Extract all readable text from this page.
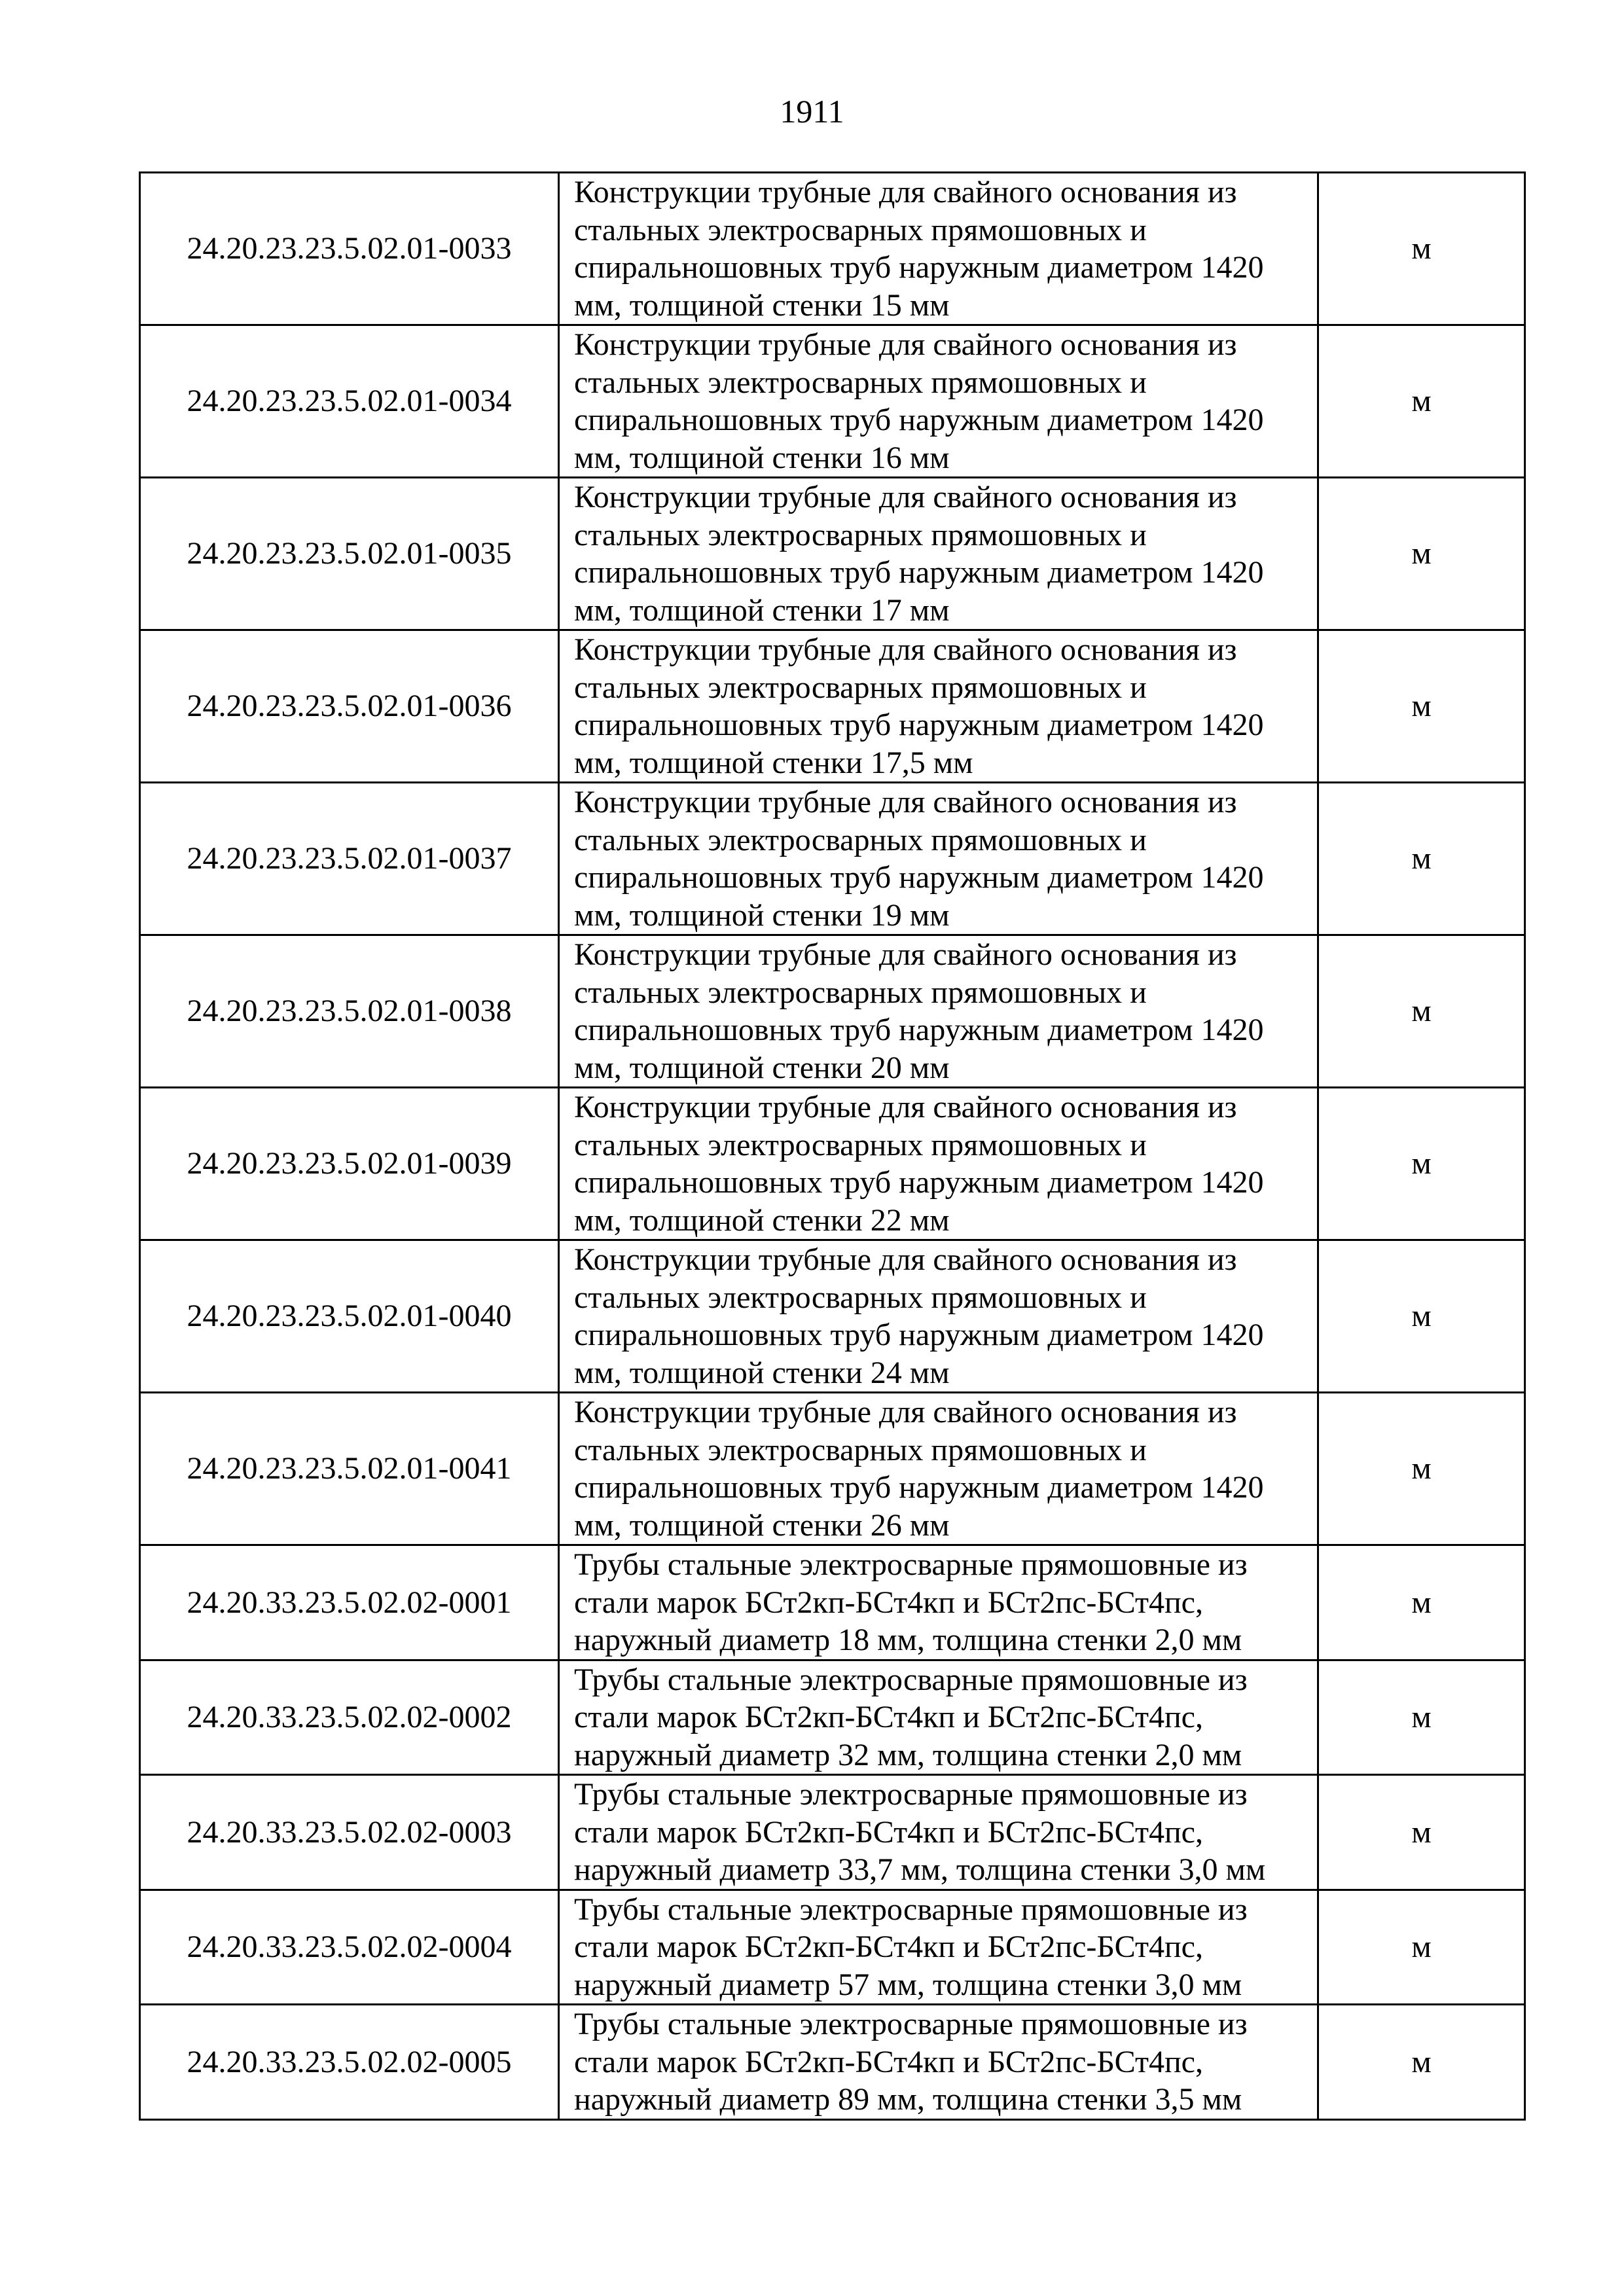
1911
24.20.23.23.5.02.01-0033	Конструкции трубные для свайного основания из стальных электросварных прямошовных и спиральношовных труб наружным диаметром 1420 мм, толщиной стенки 15 мм	м
24.20.23.23.5.02.01-0034	Конструкции трубные для свайного основания из стальных электросварных прямошовных и спиральношовных труб наружным диаметром 1420 мм, толщиной стенки 16 мм	м
24.20.23.23.5.02.01-0035	Конструкции трубные для свайного основания из стальных электросварных прямошовных и спиральношовных труб наружным диаметром 1420 мм, толщиной стенки 17 мм	м
24.20.23.23.5.02.01-0036	Конструкции трубные для свайного основания из стальных электросварных прямошовных и спиральношовных труб наружным диаметром 1420 мм, толщиной стенки 17,5 мм	м
24.20.23.23.5.02.01-0037	Конструкции трубные для свайного основания из стальных электросварных прямошовных и спиральношовных труб наружным диаметром 1420 мм, толщиной стенки 19 мм	м
24.20.23.23.5.02.01-0038	Конструкции трубные для свайного основания из стальных электросварных прямошовных и спиральношовных труб наружным диаметром 1420 мм, толщиной стенки 20 мм	м
24.20.23.23.5.02.01-0039	Конструкции трубные для свайного основания из стальных электросварных прямошовных и спиральношовных труб наружным диаметром 1420 мм, толщиной стенки 22 мм	м
24.20.23.23.5.02.01-0040	Конструкции трубные для свайного основания из стальных электросварных прямошовных и спиральношовных труб наружным диаметром 1420 мм, толщиной стенки 24 мм	м
24.20.23.23.5.02.01-0041	Конструкции трубные для свайного основания из стальных электросварных прямошовных и спиральношовных труб наружным диаметром 1420 мм, толщиной стенки 26 мм	м
24.20.33.23.5.02.02-0001	Трубы стальные электросварные прямошовные из стали марок БСт2кп-БСт4кп и БСт2пс-БСт4пс, наружный диаметр 18 мм, толщина стенки 2,0 мм	м
24.20.33.23.5.02.02-0002	Трубы стальные электросварные прямошовные из стали марок БСт2кп-БСт4кп и БСт2пс-БСт4пс, наружный диаметр 32 мм, толщина стенки 2,0 мм	м
24.20.33.23.5.02.02-0003	Трубы стальные электросварные прямошовные из стали марок БСт2кп-БСт4кп и БСт2пс-БСт4пс, наружный диаметр 33,7 мм, толщина стенки 3,0 мм	м
24.20.33.23.5.02.02-0004	Трубы стальные электросварные прямошовные из стали марок БСт2кп-БСт4кп и БСт2пс-БСт4пс, наружный диаметр 57 мм, толщина стенки 3,0 мм	м
24.20.33.23.5.02.02-0005	Трубы стальные электросварные прямошовные из стали марок БСт2кп-БСт4кп и БСт2пс-БСт4пс, наружный диаметр 89 мм, толщина стенки 3,5 мм	м
